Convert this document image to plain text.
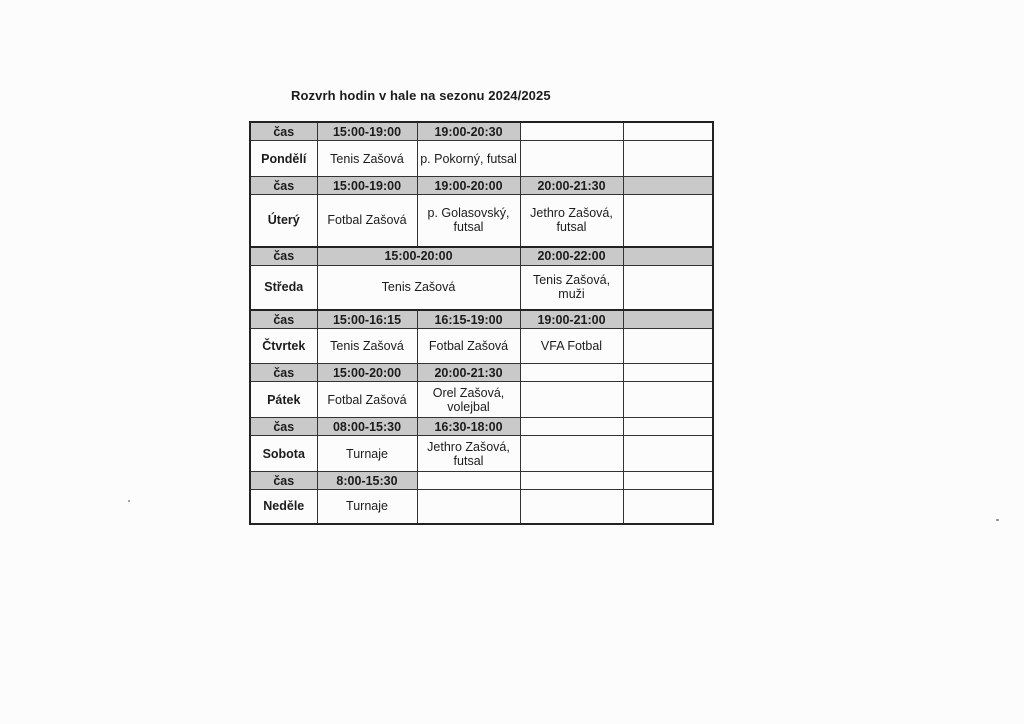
Rozvrh hodin v hale na sezonu 2024/2025
čas	15:00-19:00	19:00-20:30		
Pondělí	Tenis Zašová	p. Pokorný, futsal		
čas	15:00-19:00	19:00-20:00	20:00-21:30	
Úterý	Fotbal Zašová	p. Golasovský, futsal	Jethro Zašová, futsal	
čas	15:00-20:00		20:00-22:00	
Středa	Tenis Zašová		Tenis Zašová, muži	
čas	15:00-16:15	16:15-19:00	19:00-21:00	
Čtvrtek	Tenis Zašová	Fotbal Zašová	VFA Fotbal	
čas	15:00-20:00	20:00-21:30		
Pátek	Fotbal Zašová	Orel Zašová, volejbal		
čas	08:00-15:30	16:30-18:00		
Sobota	Turnaje	Jethro Zašová, futsal		
čas	8:00-15:30			
Neděle	Turnaje			
